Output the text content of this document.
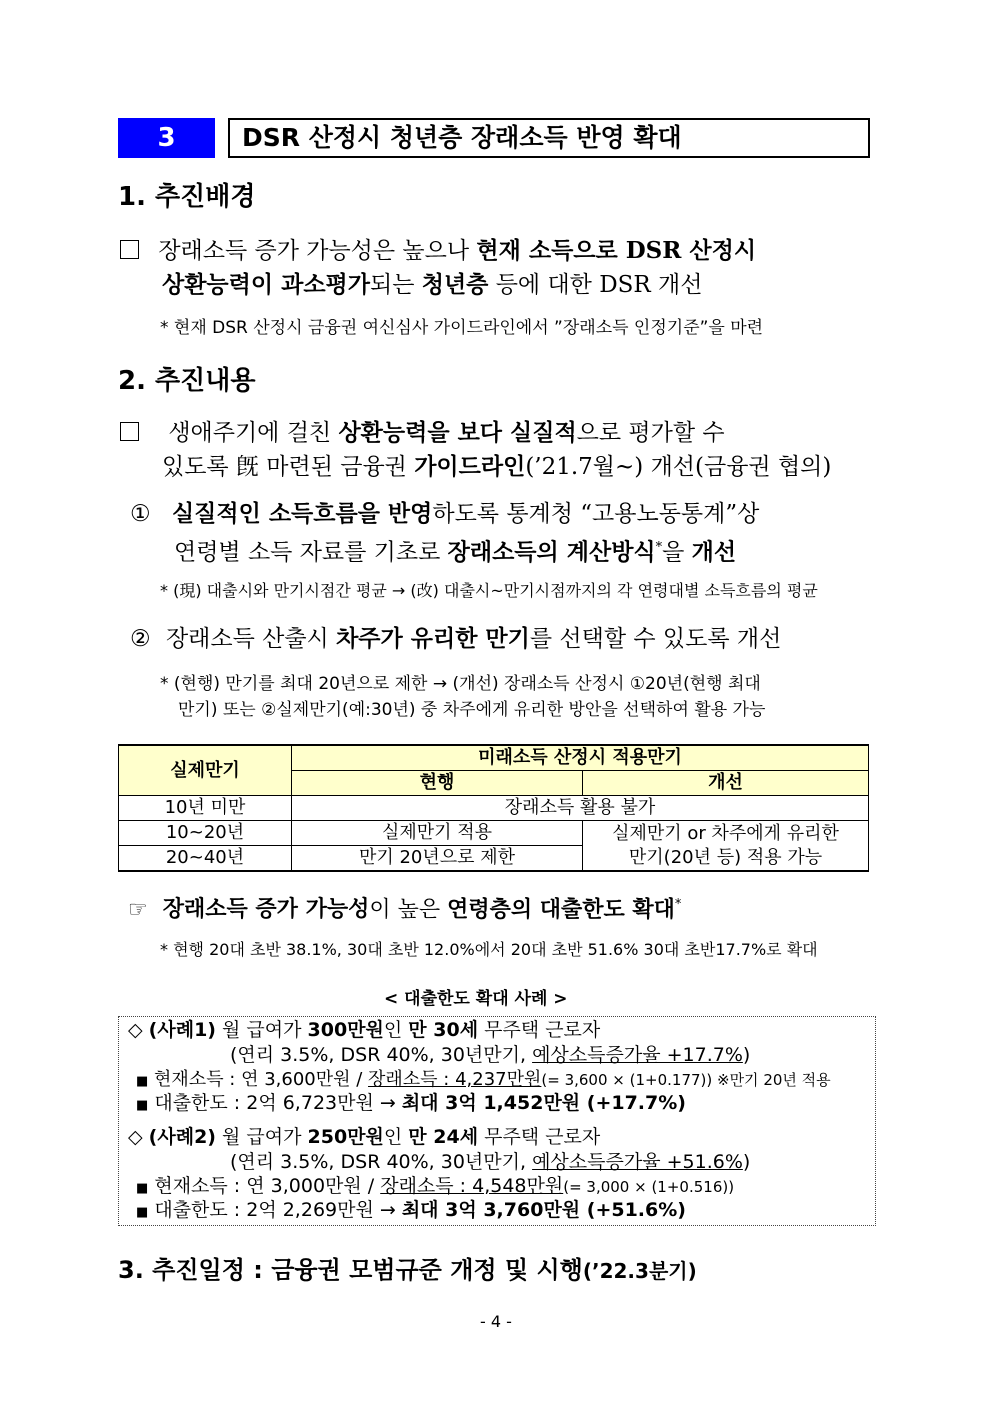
3	DSR 산정시 청년층 장래소득 반영 확대
1. 추진배경
장래소득 증가 가능성은 높으나 현재 소득으로 DSR 산정시
상환능력이 과소평가되는 청년층 등에 대한 DSR 개선
* 현재 DSR 산정시 금융권 여신심사 가이드라인에서 ”장래소득 인정기준”을 마련
2. 추진내용
생애주기에 걸친 상환능력을 보다 실질적으로 평가할 수
있도록 旣 마련된 금융권 가이드라인(’21.7월~) 개선(금융권 협의)
① 실질적인 소득흐름을 반영하도록 통계청 “고용노동통계”상
연령별 소득 자료를 기초로 장래소득의 계산방식*을 개선
* (現) 대출시와 만기시점간 평균 → (改) 대출시~만기시점까지의 각 연령대별 소득흐름의 평균
② 장래소득 산출시 차주가 유리한 만기를 선택할 수 있도록 개선
* (현행) 만기를 최대 20년으로 제한 → (개선) 장래소득 산정시 ①20년(현행 최대
만기) 또는 ②실제만기(예:30년) 중 차주에게 유리한 방안을 선택하여 활용 가능
실제만기	미래소득 산정시 적용만기	
	현행	개선
10년 미만	장래소득 활용 불가	
10~20년	실제만기 적용	실제만기 or 차주에게 유리한
만기(20년 등) 적용 가능

20~40년	만기 20년으로 제한	
☞ 장래소득 증가 가능성이 높은 연령층의 대출한도 확대*
* 현행 20대 초반 38.1%, 30대 초반 12.0%에서 20대 초반 51.6% 30대 초반17.7%로 확대
< 대출한도 확대 사례 >
◇ (사례1) 월 급여가 300만원인 만 30세 무주택 근로자
(연리 3.5%, DSR 40%, 30년만기, 예상소득증가율 +17.7%)
■ 현재소득 : 연 3,600만원 / 장래소득 : 4,237만원(= 3,600 × (1+0.177)) ※만기 20년 적용
■ 대출한도 : 2억 6,723만원 → 최대 3억 1,452만원 (+17.7%)
◇ (사례2) 월 급여가 250만원인 만 24세 무주택 근로자
(연리 3.5%, DSR 40%, 30년만기, 예상소득증가율 +51.6%)
■ 현재소득 : 연 3,000만원 / 장래소득 : 4,548만원(= 3,000 × (1+0.516))
■ 대출한도 : 2억 2,269만원 → 최대 3억 3,760만원 (+51.6%)
3. 추진일정 : 금융권 모범규준 개정 및 시행(’22.3분기)
- 4 -
